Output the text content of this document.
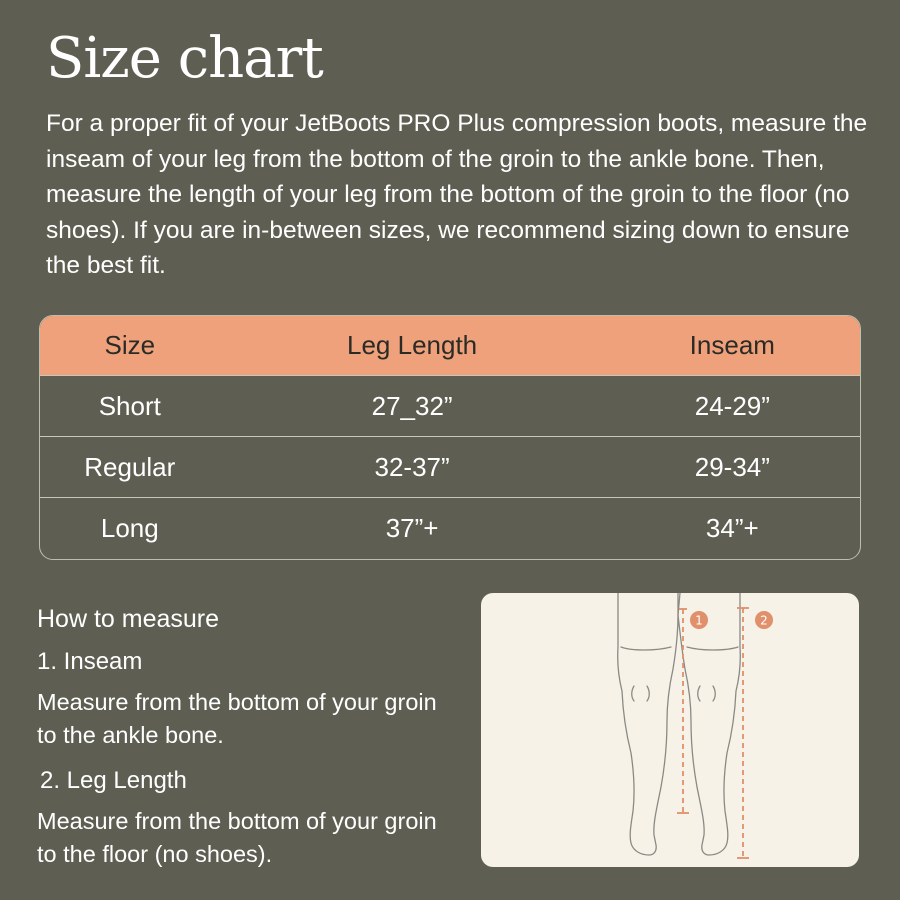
Size chart

For a proper fit of your JetBoots PRO Plus compression boots, measure the inseam of your leg from the bottom of the groin to the ankle bone. Then, measure the length of your leg from the bottom of the groin to the floor (no shoes). If you are in-between sizes, we recommend sizing down to ensure the best fit.

Size	Leg Length	Inseam
Short	27_32”	24-29”
Regular	32-37”	29-34”
Long	37”+	34”+
How to measure
1. Inseam
Measure from the bottom of your groin to the ankle bone.
2. Leg Length
Measure from the bottom of your groin to the floor (no shoes).
1	2
